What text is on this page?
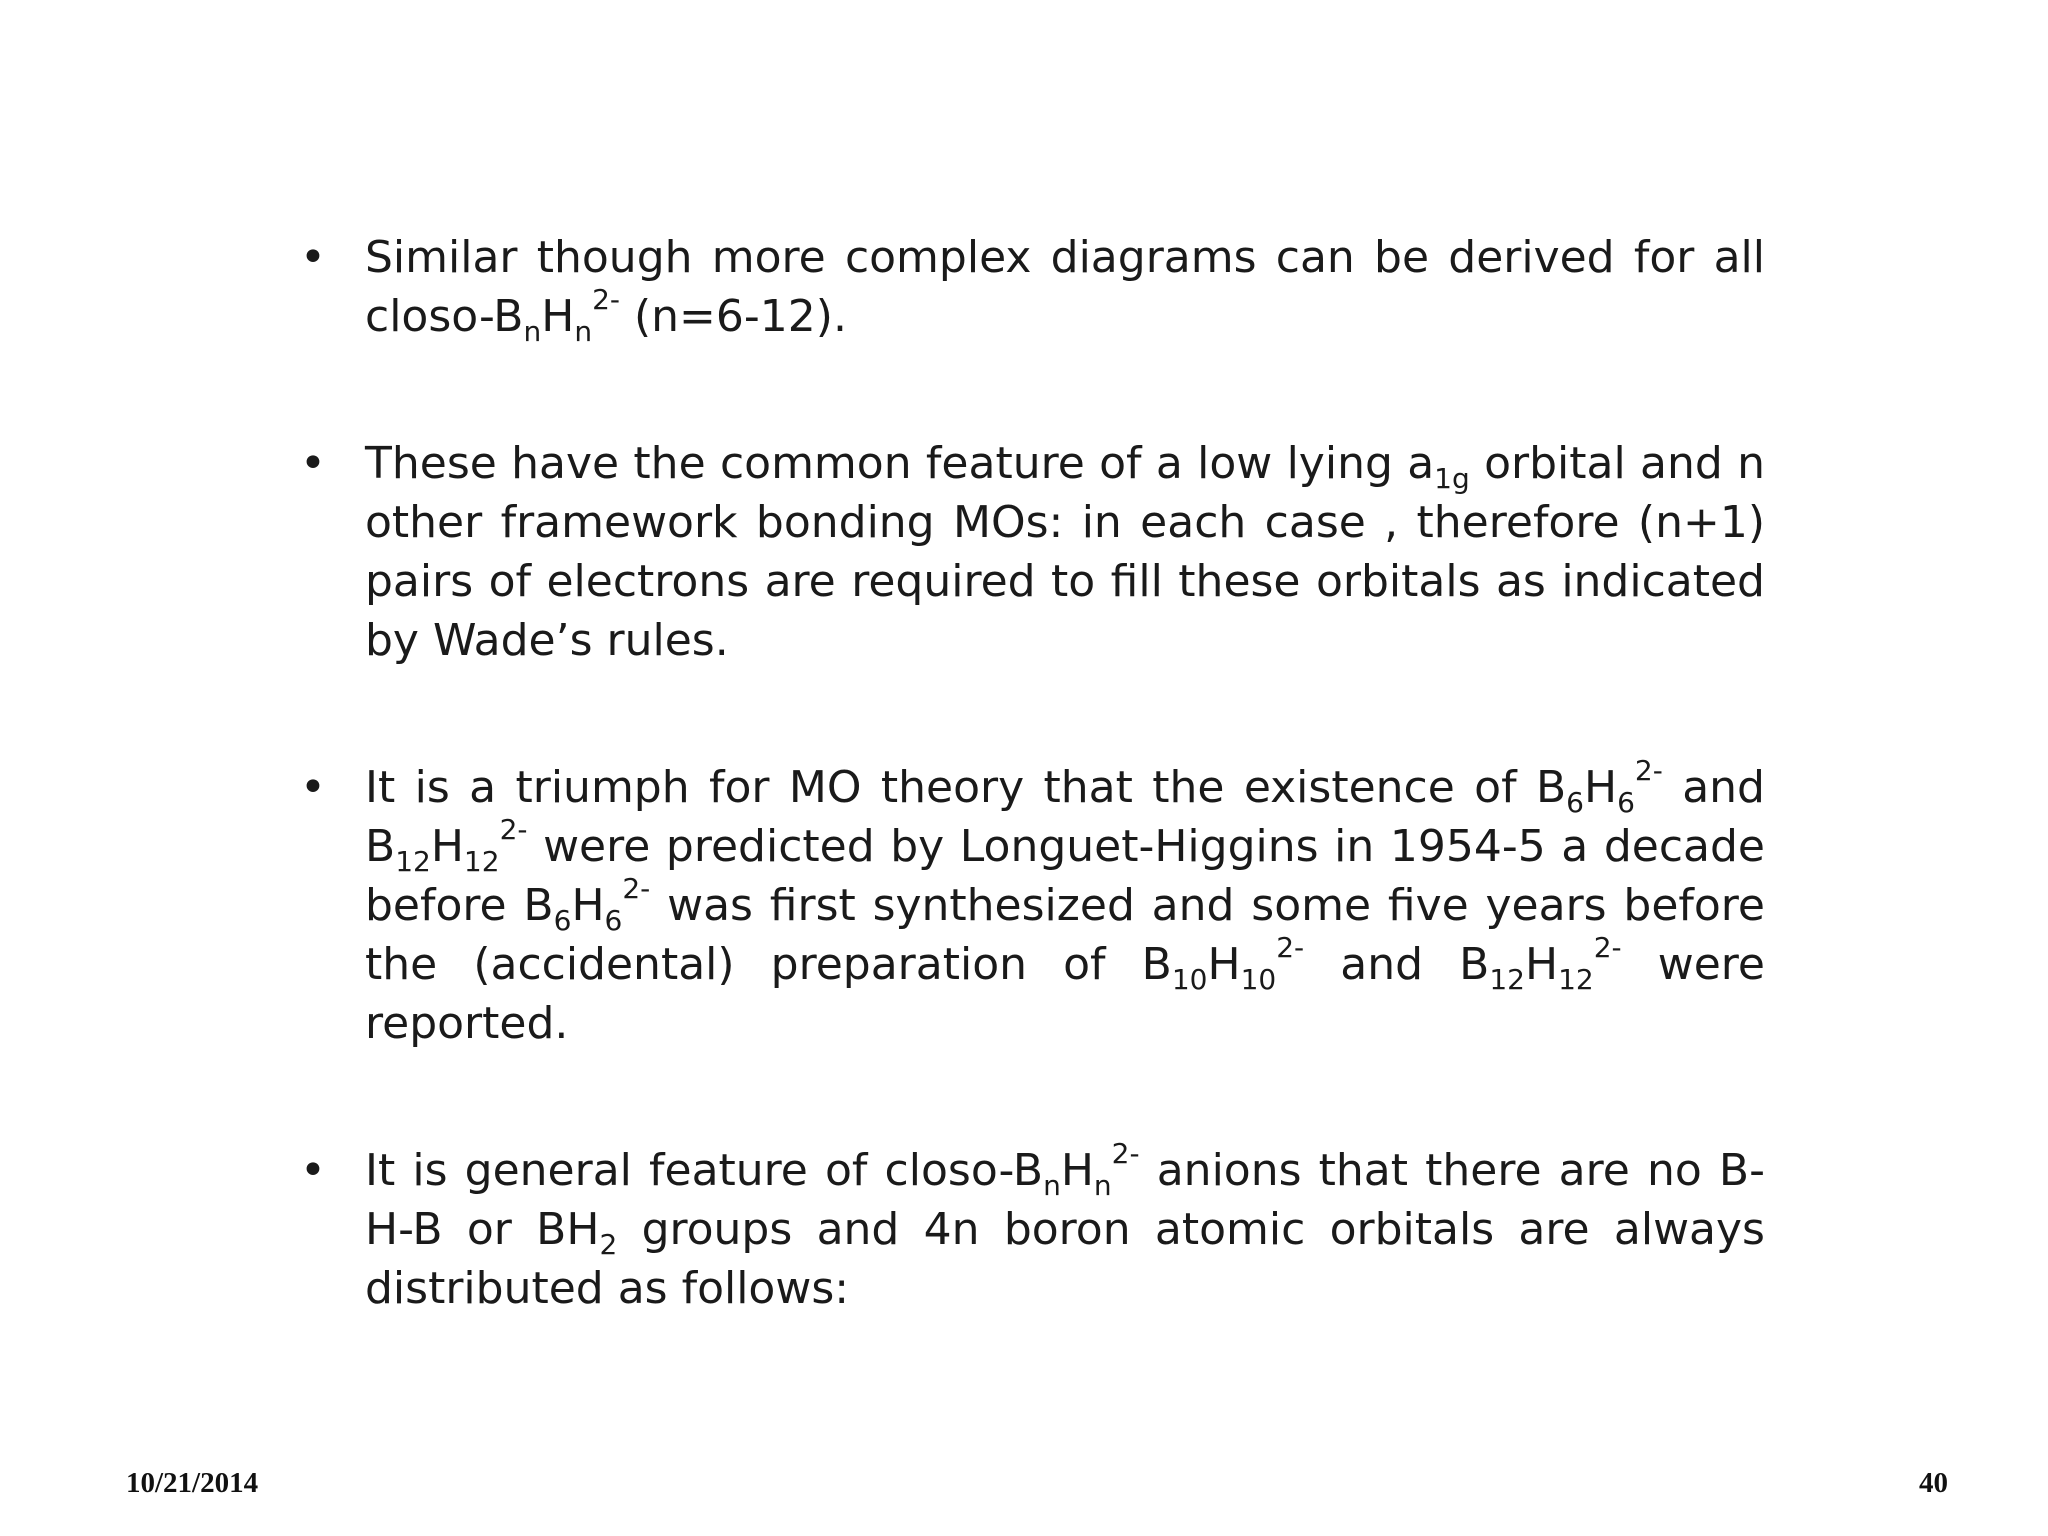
• Similar though more complex diagrams can be derived for all closo-$B_nH_n^{2-}$ (n=6-12).
• These have the common feature of a low lying $a_{1g}$ orbital and n other framework bonding MOs: in each case , therefore (n+1) pairs of electrons are required to fill these orbitals as indicated by Wade’s rules.
• It is a triumph for MO theory that the existence of $B_6H_6^{2-}$ and $B_{12}H_{12}^{2-}$ were predicted by Longuet-Higgins in 1954-5 a decade before $B_6H_6^{2-}$ was first synthesized and some five years before the (accidental) preparation of $B_{10}H_{10}^{2-}$ and $B_{12}H_{12}^{2-}$ were reported.
• It is general feature of closo-$B_nH_n^{2-}$ anions that there are no B-H-B or $BH_2$ groups and 4n boron atomic orbitals are always distributed as follows:
10/21/2014	40
